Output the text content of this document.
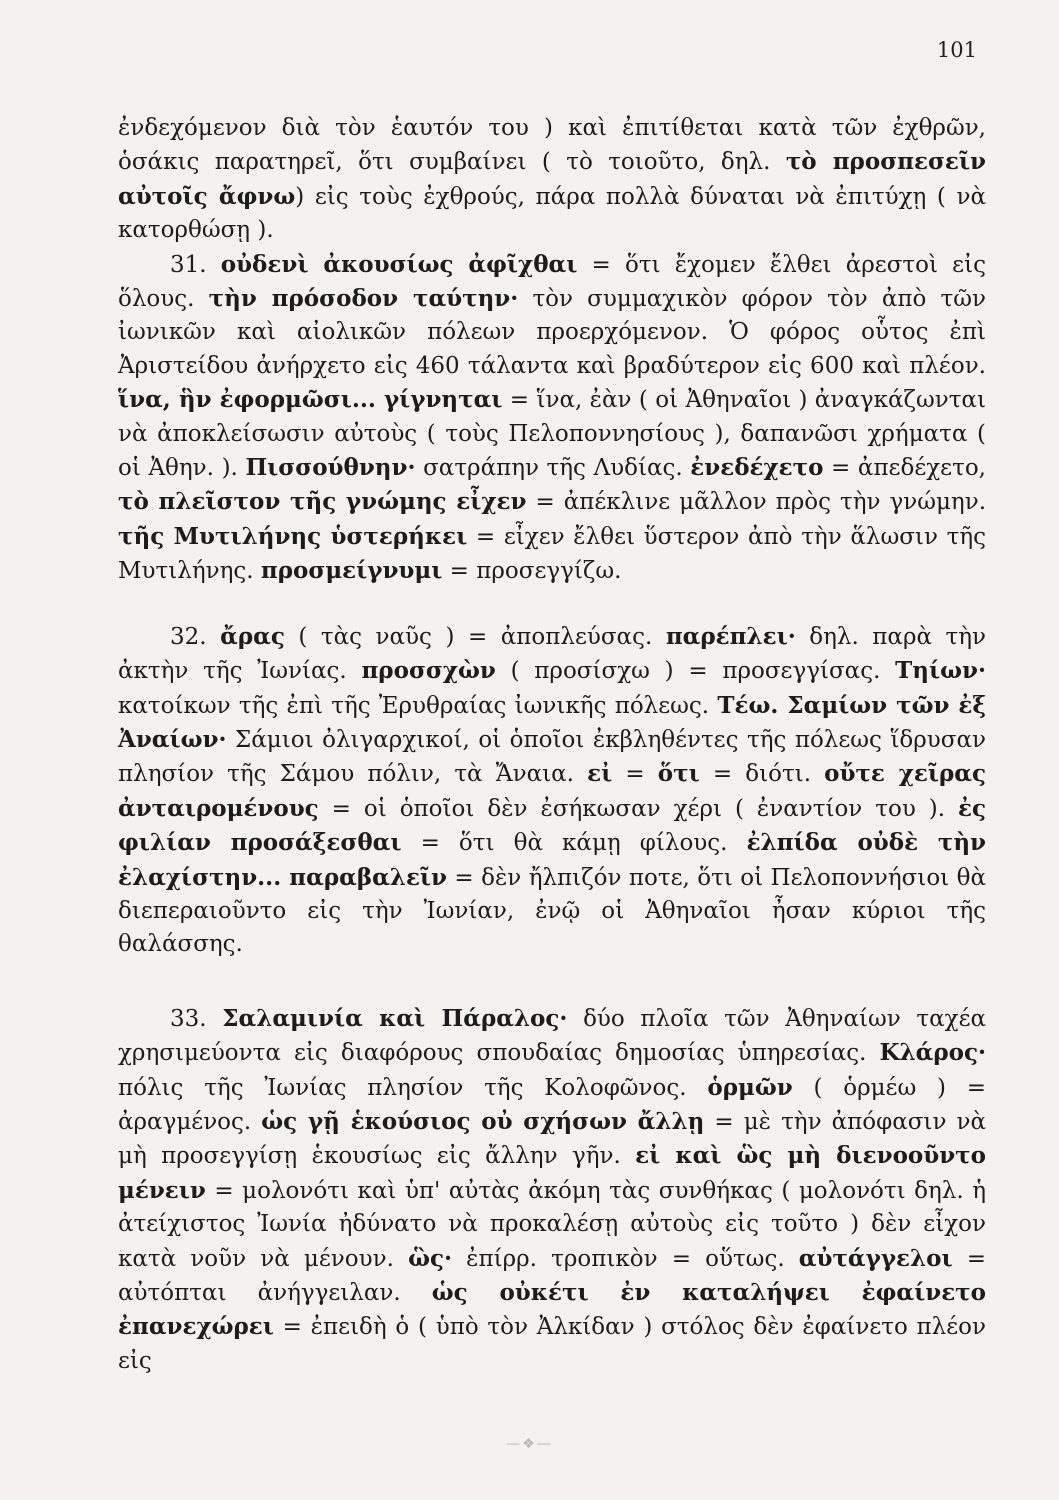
101

ἐνδεχόμενον διὰ τὸν ἑαυτόν του ) καὶ ἐπιτίθεται κατὰ τῶν ἐχθρῶν, ὁσάκις παρατηρεῖ, ὅτι συμβαίνει ( τὸ τοιοῦτο, δηλ. τὸ προσπεσεῖν αὐτοῖς ἄφνω) εἰς τοὺς ἐχθρούς, πάρα πολλὰ δύναται νὰ ἐπιτύχῃ ( νὰ κατορθώσῃ ).

31. οὐδενὶ ἀκουσίως ἀφῖχθαι = ὅτι ἔχομεν ἔλθει ἀρεστοὶ εἰς ὅλους. τὴν πρόσοδον ταύτην· τὸν συμμαχικὸν φόρον τὸν ἀπὸ τῶν ἰωνικῶν καὶ αἰολικῶν πόλεων προερχόμενον. Ὁ φόρος οὗτος ἐπὶ Ἀριστείδου ἀνήρχετο εἰς 460 τάλαντα καὶ βραδύτερον εἰς 600 καὶ πλέον. ἵνα, ἣν ἐφορμῶσι... γίγνηται = ἵνα, ἐὰν ( οἱ Ἀθηναῖοι ) ἀναγκάζωνται νὰ ἀποκλείσωσιν αὐτοὺς ( τοὺς Πελοποννησίους ), δαπανῶσι χρήματα ( οἱ Ἀθην. ). Πισσούθνην· σατράπην τῆς Λυδίας. ἐνεδέχετο = ἀπεδέχετο, τὸ πλεῖστον τῆς γνώμης εἶχεν = ἀπέκλινε μᾶλλον πρὸς τὴν γνώμην. τῆς Μυτιλήνης ὑστερήκει = εἶχεν ἔλθει ὕστερον ἀπὸ τὴν ἅλωσιν τῆς Μυτιλήνης. προσμείγνυμι = προσεγγίζω.

32. ἄρας ( τὰς ναῦς ) = ἀποπλεύσας. παρέπλει· δηλ. παρὰ τὴν ἀκτὴν τῆς Ἰωνίας. προσσχὼν ( προσίσχω ) = προσεγγίσας. Τηίων· κατοίκων τῆς ἐπὶ τῆς Ἐρυθραίας ἰωνικῆς πόλεως. Τέω. Σαμίων τῶν ἐξ Ἀναίων· Σάμιοι ὀλιγαρχικοί, οἱ ὁποῖοι ἐκβληθέντες τῆς πόλεως ἵδρυσαν πλησίον τῆς Σάμου πόλιν, τὰ Ἄναια. εἰ = ὅτι = διότι. οὔτε χεῖρας ἀνταιρομένους = οἱ ὁποῖοι δὲν ἐσήκωσαν χέρι ( ἐναντίον του ). ἐς φιλίαν προσάξεσθαι = ὅτι θὰ κάμῃ φίλους. ἐλπίδα οὐδὲ τὴν ἐλαχίστην... παραβαλεῖν = δὲν ἤλπιζόν ποτε, ὅτι οἱ Πελοποννήσιοι θὰ διεπεραιοῦντο εἰς τὴν Ἰωνίαν, ἐνῷ οἱ Ἀθηναῖοι ἦσαν κύριοι τῆς θαλάσσης.

33. Σαλαμινία καὶ Πάραλος· δύο πλοῖα τῶν Ἀθηναίων ταχέα χρησιμεύοντα εἰς διαφόρους σπουδαίας δημοσίας ὑπηρεσίας. Κλάρος· πόλις τῆς Ἰωνίας πλησίον τῆς Κολοφῶνος. ὁρμῶν ( ὁρμέω ) = ἀραγμένος. ὡς γῇ ἑκούσιος οὐ σχήσων ἄλλῃ = μὲ τὴν ἀπόφασιν νὰ μὴ προσεγγίσῃ ἑκουσίως εἰς ἄλλην γῆν. εἰ καὶ ὣς μὴ διενοοῦντο μένειν = μολονότι καὶ ὑπ' αὐτὰς ἀκόμη τὰς συνθήκας ( μολονότι δηλ. ἡ ἀτείχιστος Ἰωνία ἠδύνατο νὰ προκαλέσῃ αὐτοὺς εἰς τοῦτο ) δὲν εἶχον κατὰ νοῦν νὰ μένουν. ὣς· ἐπίρρ. τροπικὸν = οὕτως. αὐτάγγελοι = αὐτόπται ἀνήγγειλαν. ὡς οὐκέτι ἐν καταλήψει ἐφαίνετο ἐπανεχώρει = ἐπειδὴ ὁ ( ὑπὸ τὸν Ἀλκίδαν ) στόλος δὲν ἐφαίνετο πλέον εἰς

—❖—
